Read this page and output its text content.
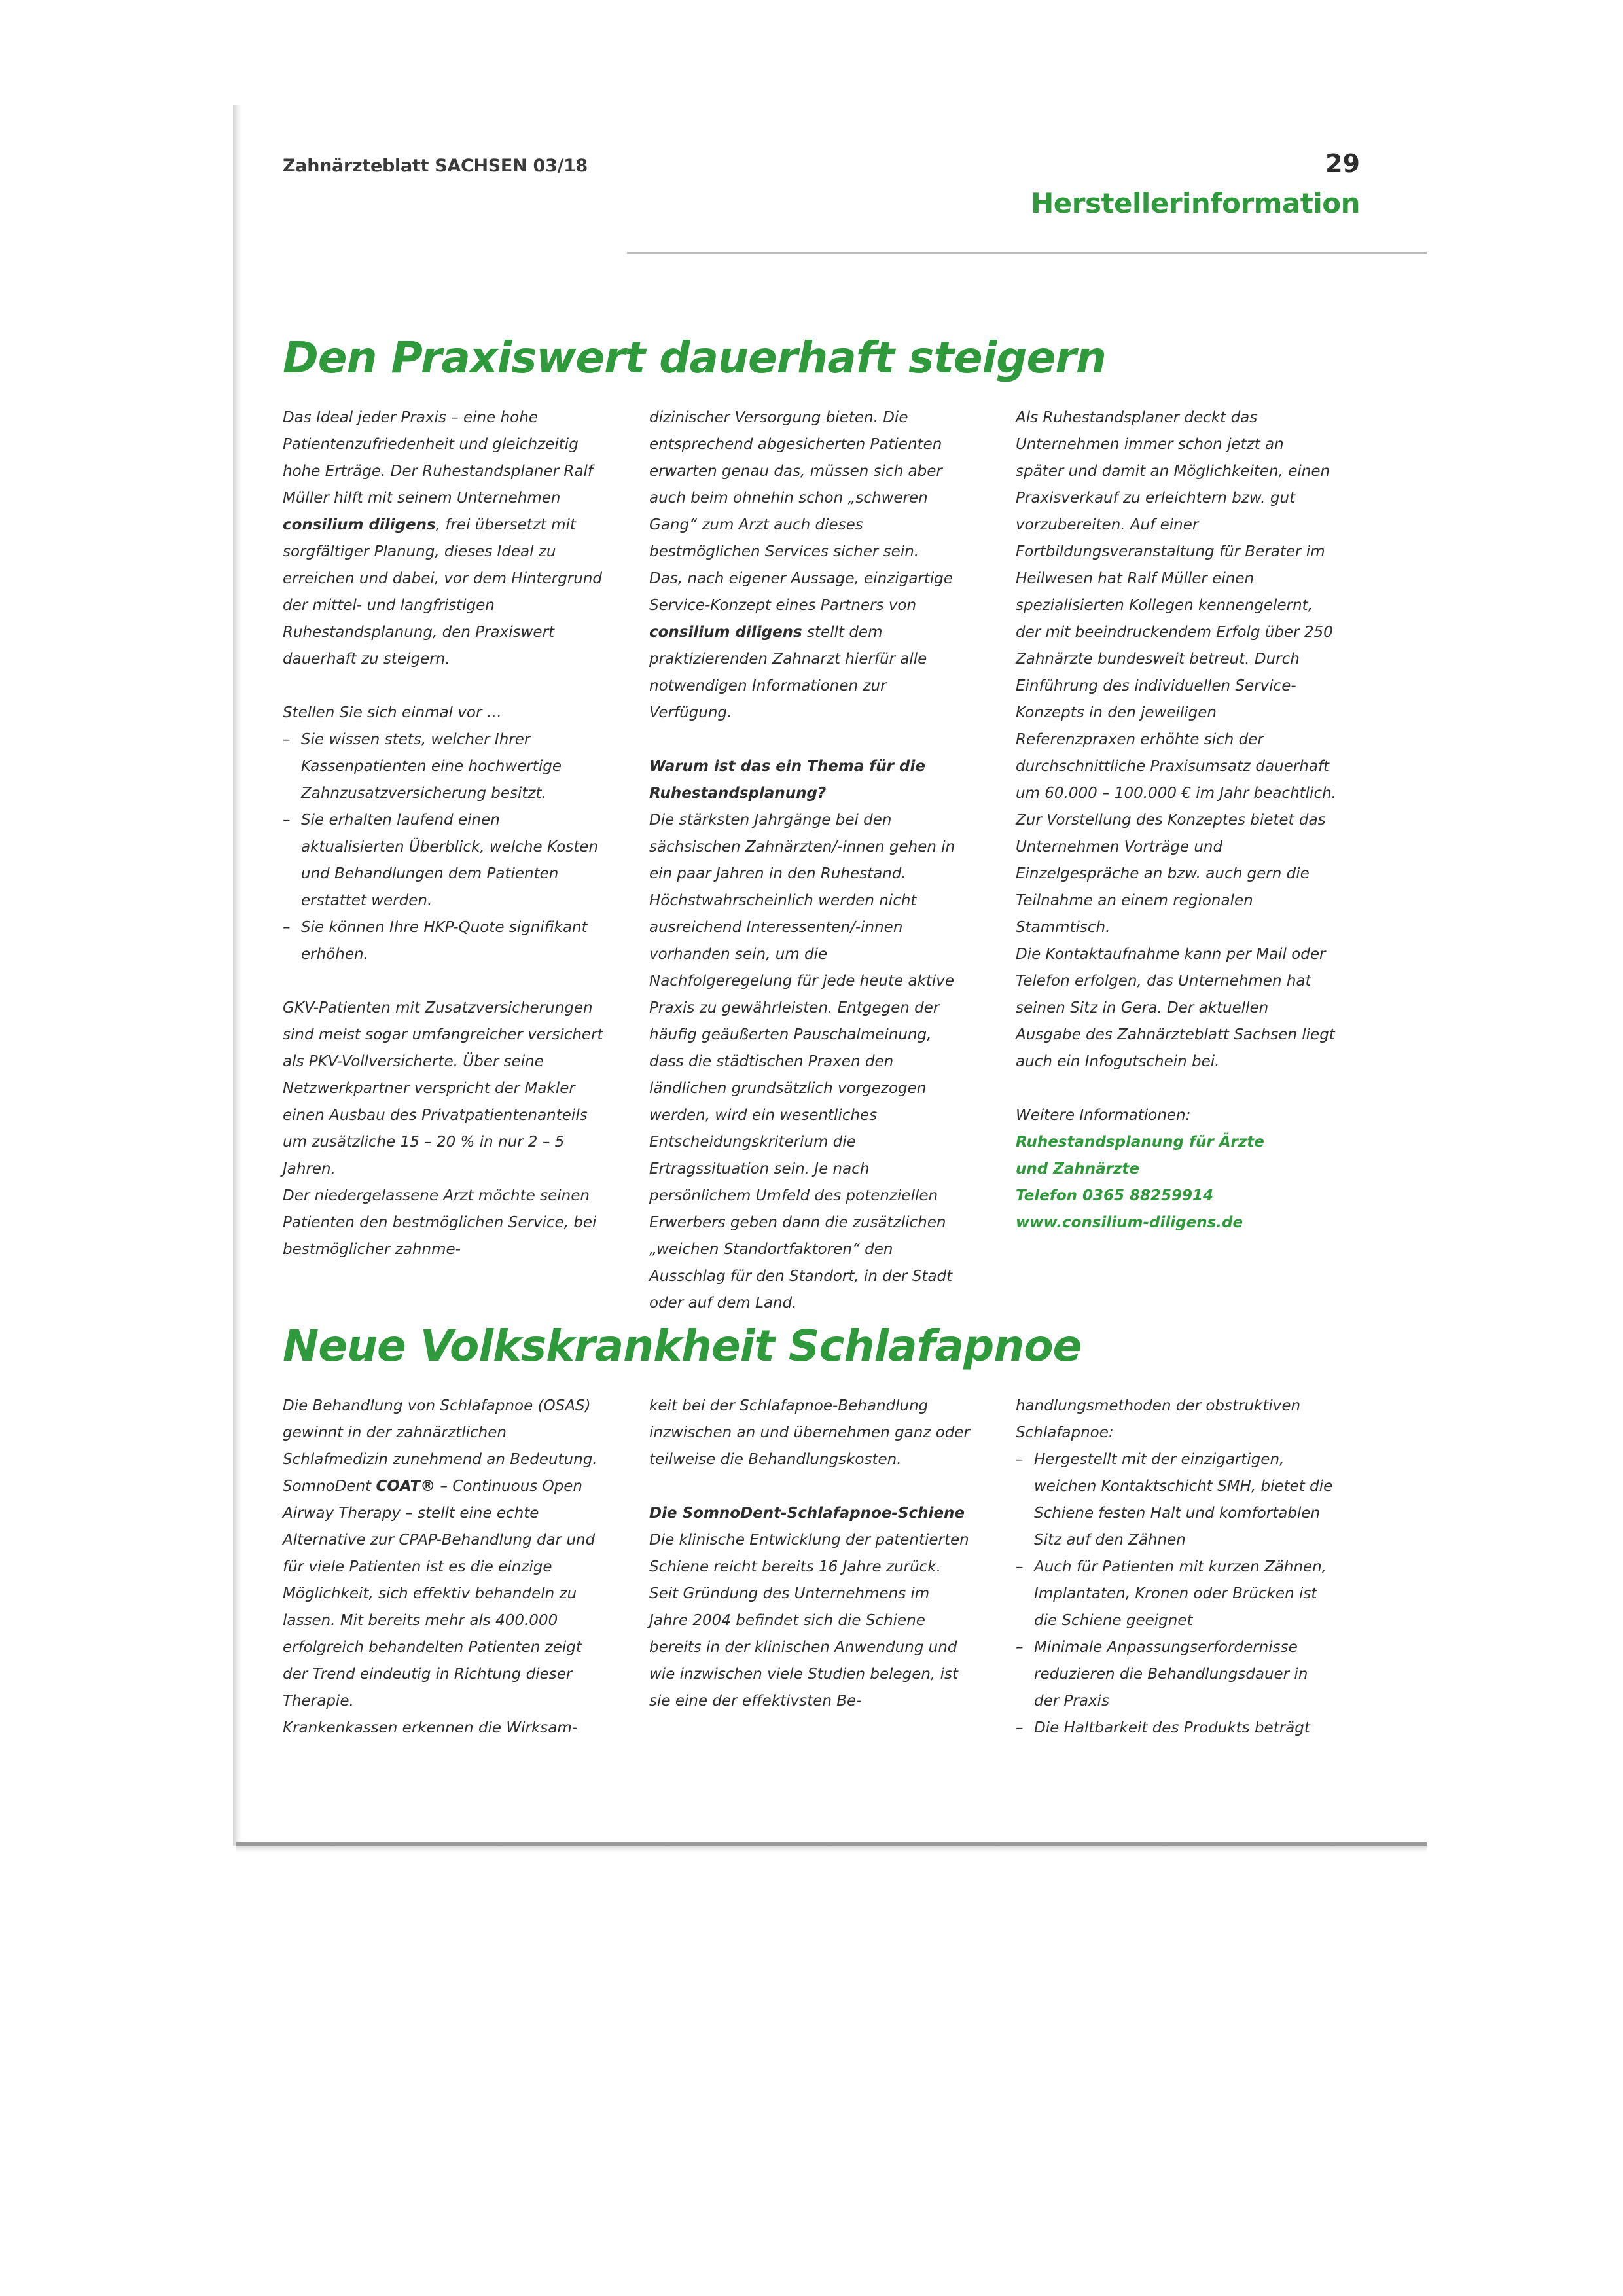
Zahnärzteblatt SACHSEN 03/18	29
Herstellerinformation
Den Praxiswert dauerhaft steigern

Das Ideal jeder Praxis – eine hohe Patientenzufriedenheit und gleichzeitig hohe Erträge. Der Ruhestandsplaner Ralf Müller hilft mit seinem Unternehmen consilium diligens, frei übersetzt mit sorgfältiger Planung, dieses Ideal zu erreichen und dabei, vor dem Hintergrund der mittel- und langfristigen Ruhestandsplanung, den Praxiswert dauerhaft zu steigern.

Stellen Sie sich einmal vor …

– Sie wissen stets, welcher Ihrer Kassenpatienten eine hochwertige Zahnzusatzversicherung besitzt.
– Sie erhalten laufend einen aktualisierten Überblick, welche Kosten und Behandlungen dem Patienten erstattet werden.
– Sie können Ihre HKP-Quote signifikant erhöhen.

GKV-Patienten mit Zusatzversicherungen sind meist sogar umfangreicher versichert als PKV-Vollversicherte. Über seine Netzwerkpartner verspricht der Makler einen Ausbau des Privatpatientenanteils um zusätzliche 15 – 20 % in nur 2 – 5 Jahren.

Der niedergelassene Arzt möchte seinen Patienten den bestmöglichen Service, bei bestmöglicher zahnme-

dizinischer Versorgung bieten. Die entsprechend abgesicherten Patienten erwarten genau das, müssen sich aber auch beim ohnehin schon „schweren Gang“ zum Arzt auch dieses bestmöglichen Services sicher sein.

Das, nach eigener Aussage, einzigartige Service-Konzept eines Partners von consilium diligens stellt dem praktizierenden Zahnarzt hierfür alle notwendigen Informationen zur Verfügung.

Warum ist das ein Thema für die Ruhestandsplanung?

Die stärksten Jahrgänge bei den sächsischen Zahnärzten/-innen gehen in ein paar Jahren in den Ruhestand. Höchstwahrscheinlich werden nicht ausreichend Interessenten/-innen vorhanden sein, um die Nachfolgeregelung für jede heute aktive Praxis zu gewährleisten. Entgegen der häufig geäußerten Pauschalmeinung, dass die städtischen Praxen den ländlichen grundsätzlich vorgezogen werden, wird ein wesentliches Entscheidungskriterium die Ertragssituation sein. Je nach persönlichem Umfeld des potenziellen Erwerbers geben dann die zusätzlichen „weichen Standortfaktoren“ den Ausschlag für den Standort, in der Stadt oder auf dem Land.

Als Ruhestandsplaner deckt das Unternehmen immer schon jetzt an später und damit an Möglichkeiten, einen Praxisverkauf zu erleichtern bzw. gut vorzubereiten. Auf einer Fortbildungsveranstaltung für Berater im Heilwesen hat Ralf Müller einen spezialisierten Kollegen kennengelernt, der mit beeindruckendem Erfolg über 250 Zahnärzte bundesweit betreut. Durch Einführung des individuellen Service-Konzepts in den jeweiligen Referenzpraxen erhöhte sich der durchschnittliche Praxisumsatz dauerhaft um 60.000 – 100.000 € im Jahr beachtlich.

Zur Vorstellung des Konzeptes bietet das Unternehmen Vorträge und Einzelgespräche an bzw. auch gern die Teilnahme an einem regionalen Stammtisch.

Die Kontaktaufnahme kann per Mail oder Telefon erfolgen, das Unternehmen hat seinen Sitz in Gera. Der aktuellen Ausgabe des Zahnärzteblatt Sachsen liegt auch ein Infogutschein bei.

Weitere Informationen:

Ruhestandsplanung für Ärzte

und Zahnärzte

Telefon 0365 88259914

www.consilium-diligens.de

Neue Volkskrankheit Schlafapnoe

Die Behandlung von Schlafapnoe (OSAS) gewinnt in der zahnärztlichen Schlafmedizin zunehmend an Bedeutung. SomnoDent COAT® – Continuous Open Airway Therapy – stellt eine echte Alternative zur CPAP-Behandlung dar und für viele Patienten ist es die einzige Möglichkeit, sich effektiv behandeln zu lassen. Mit bereits mehr als 400.000 erfolgreich behandelten Patienten zeigt der Trend eindeutig in Richtung dieser Therapie.

Krankenkassen erkennen die Wirksam-

keit bei der Schlafapnoe-Behandlung inzwischen an und übernehmen ganz oder teilweise die Behandlungskosten.

Die SomnoDent-Schlafapnoe-Schiene

Die klinische Entwicklung der patentierten Schiene reicht bereits 16 Jahre zurück.

Seit Gründung des Unternehmens im Jahre 2004 befindet sich die Schiene bereits in der klinischen Anwendung und wie inzwischen viele Studien belegen, ist sie eine der effektivsten Be-

handlungsmethoden der obstruktiven Schlafapnoe:

– Hergestellt mit der einzigartigen, weichen Kontaktschicht SMH, bietet die Schiene festen Halt und komfortablen Sitz auf den Zähnen
– Auch für Patienten mit kurzen Zähnen, Implantaten, Kronen oder Brücken ist die Schiene geeignet
– Minimale Anpassungserfordernisse reduzieren die Behandlungsdauer in der Praxis
– Die Haltbarkeit des Produkts beträgt
